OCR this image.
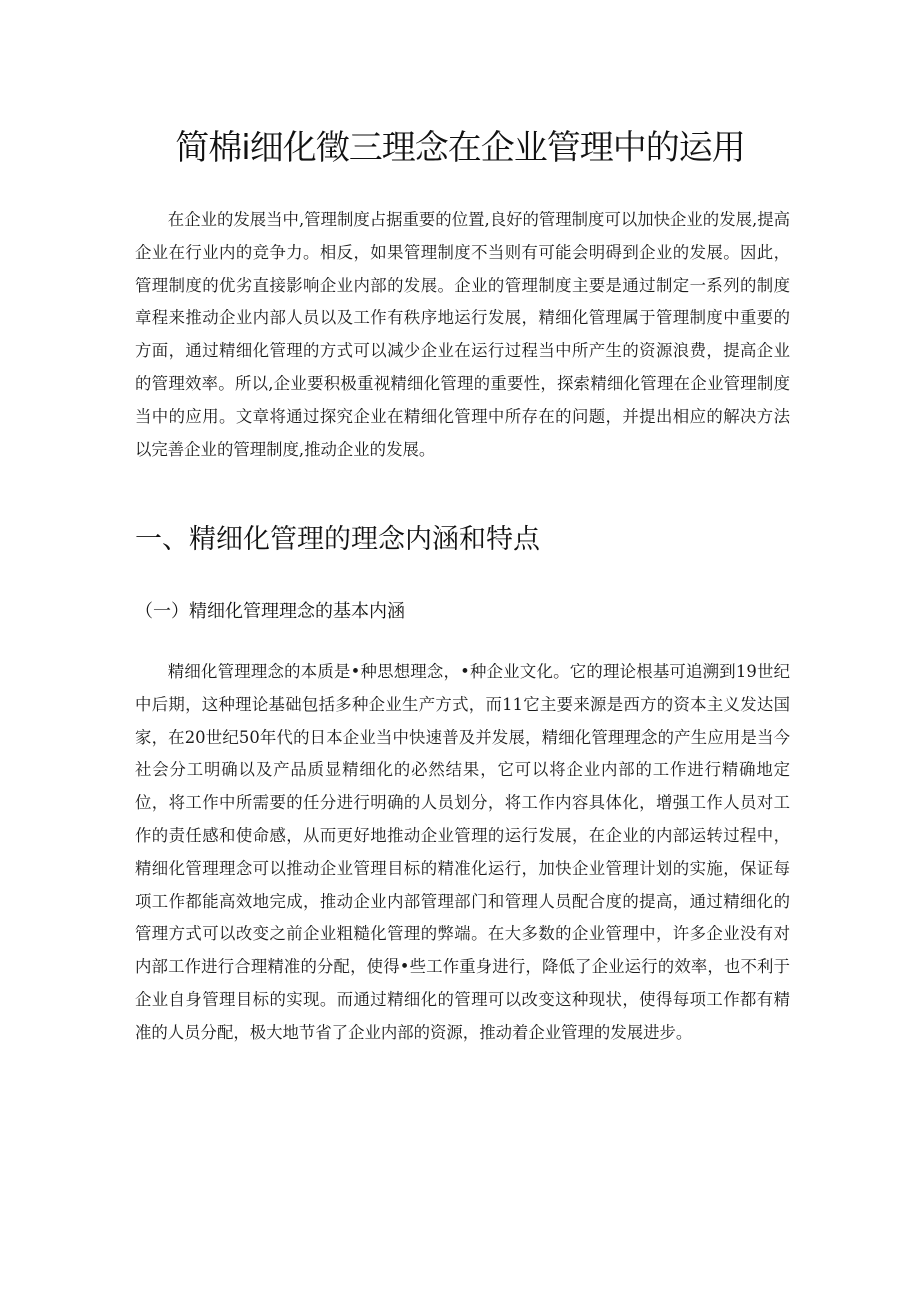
简棉i细化徵三理念在企业管理中的运用

在企业的发展当中,管理制度占据重要的位置,良好的管理制度可以加快企业的发展,提高企业在行业内的竞争力。相反，如果管理制度不当则有可能会明碍到企业的发展。因此，管理制度的优劣直接影响企业内部的发展。企业的管理制度主要是通过制定一系列的制度章程来推动企业内部人员以及工作有秩序地运行发展，精细化管理属于管理制度中重要的方面，通过精细化管理的方式可以减少企业在运行过程当中所产生的资源浪费，提高企业的管理效率。所以,企业要积极重视精细化管理的重要性，探索精细化管理在企业管理制度当中的应用。文章将通过探究企业在精细化管理中所存在的问题，并提出相应的解决方法以完善企业的管理制度,推动企业的发展。

一、精细化管理的理念内涵和特点
（一）精细化管理理念的基本内涵

精细化管理理念的本质是•种思想理念，•种企业文化。它的理论根基可追溯到19世纪中后期，这种理论基础包括多种企业生产方式，而11它主要来源是西方的资本主义发达国家，在20世纪50年代的日本企业当中快速普及并发展，精细化管理理念的产生应用是当今社会分工明确以及产品质显精细化的必然结果，它可以将企业内部的工作进行精确地定位，将工作中所需要的任分进行明确的人员划分，将工作内容具体化，增强工作人员对工作的责任感和使命感，从而更好地推动企业管理的运行发展，在企业的内部运转过程中，精细化管理理念可以推动企业管理目标的精准化运行，加快企业管理计划的实施，保证每项工作都能高效地完成，推动企业内部管理部门和管理人员配合度的提高，通过精细化的管理方式可以改变之前企业粗糙化管理的弊端。在大多数的企业管理中，许多企业没有对内部工作进行合理精准的分配，使得•些工作重身进行，降低了企业运行的效率，也不利于企业自身管理目标的实现。而通过精细化的管理可以改变这种现状，使得每项工作都有精准的人员分配，极大地节省了企业内部的资源，推动着企业管理的发展进步。
